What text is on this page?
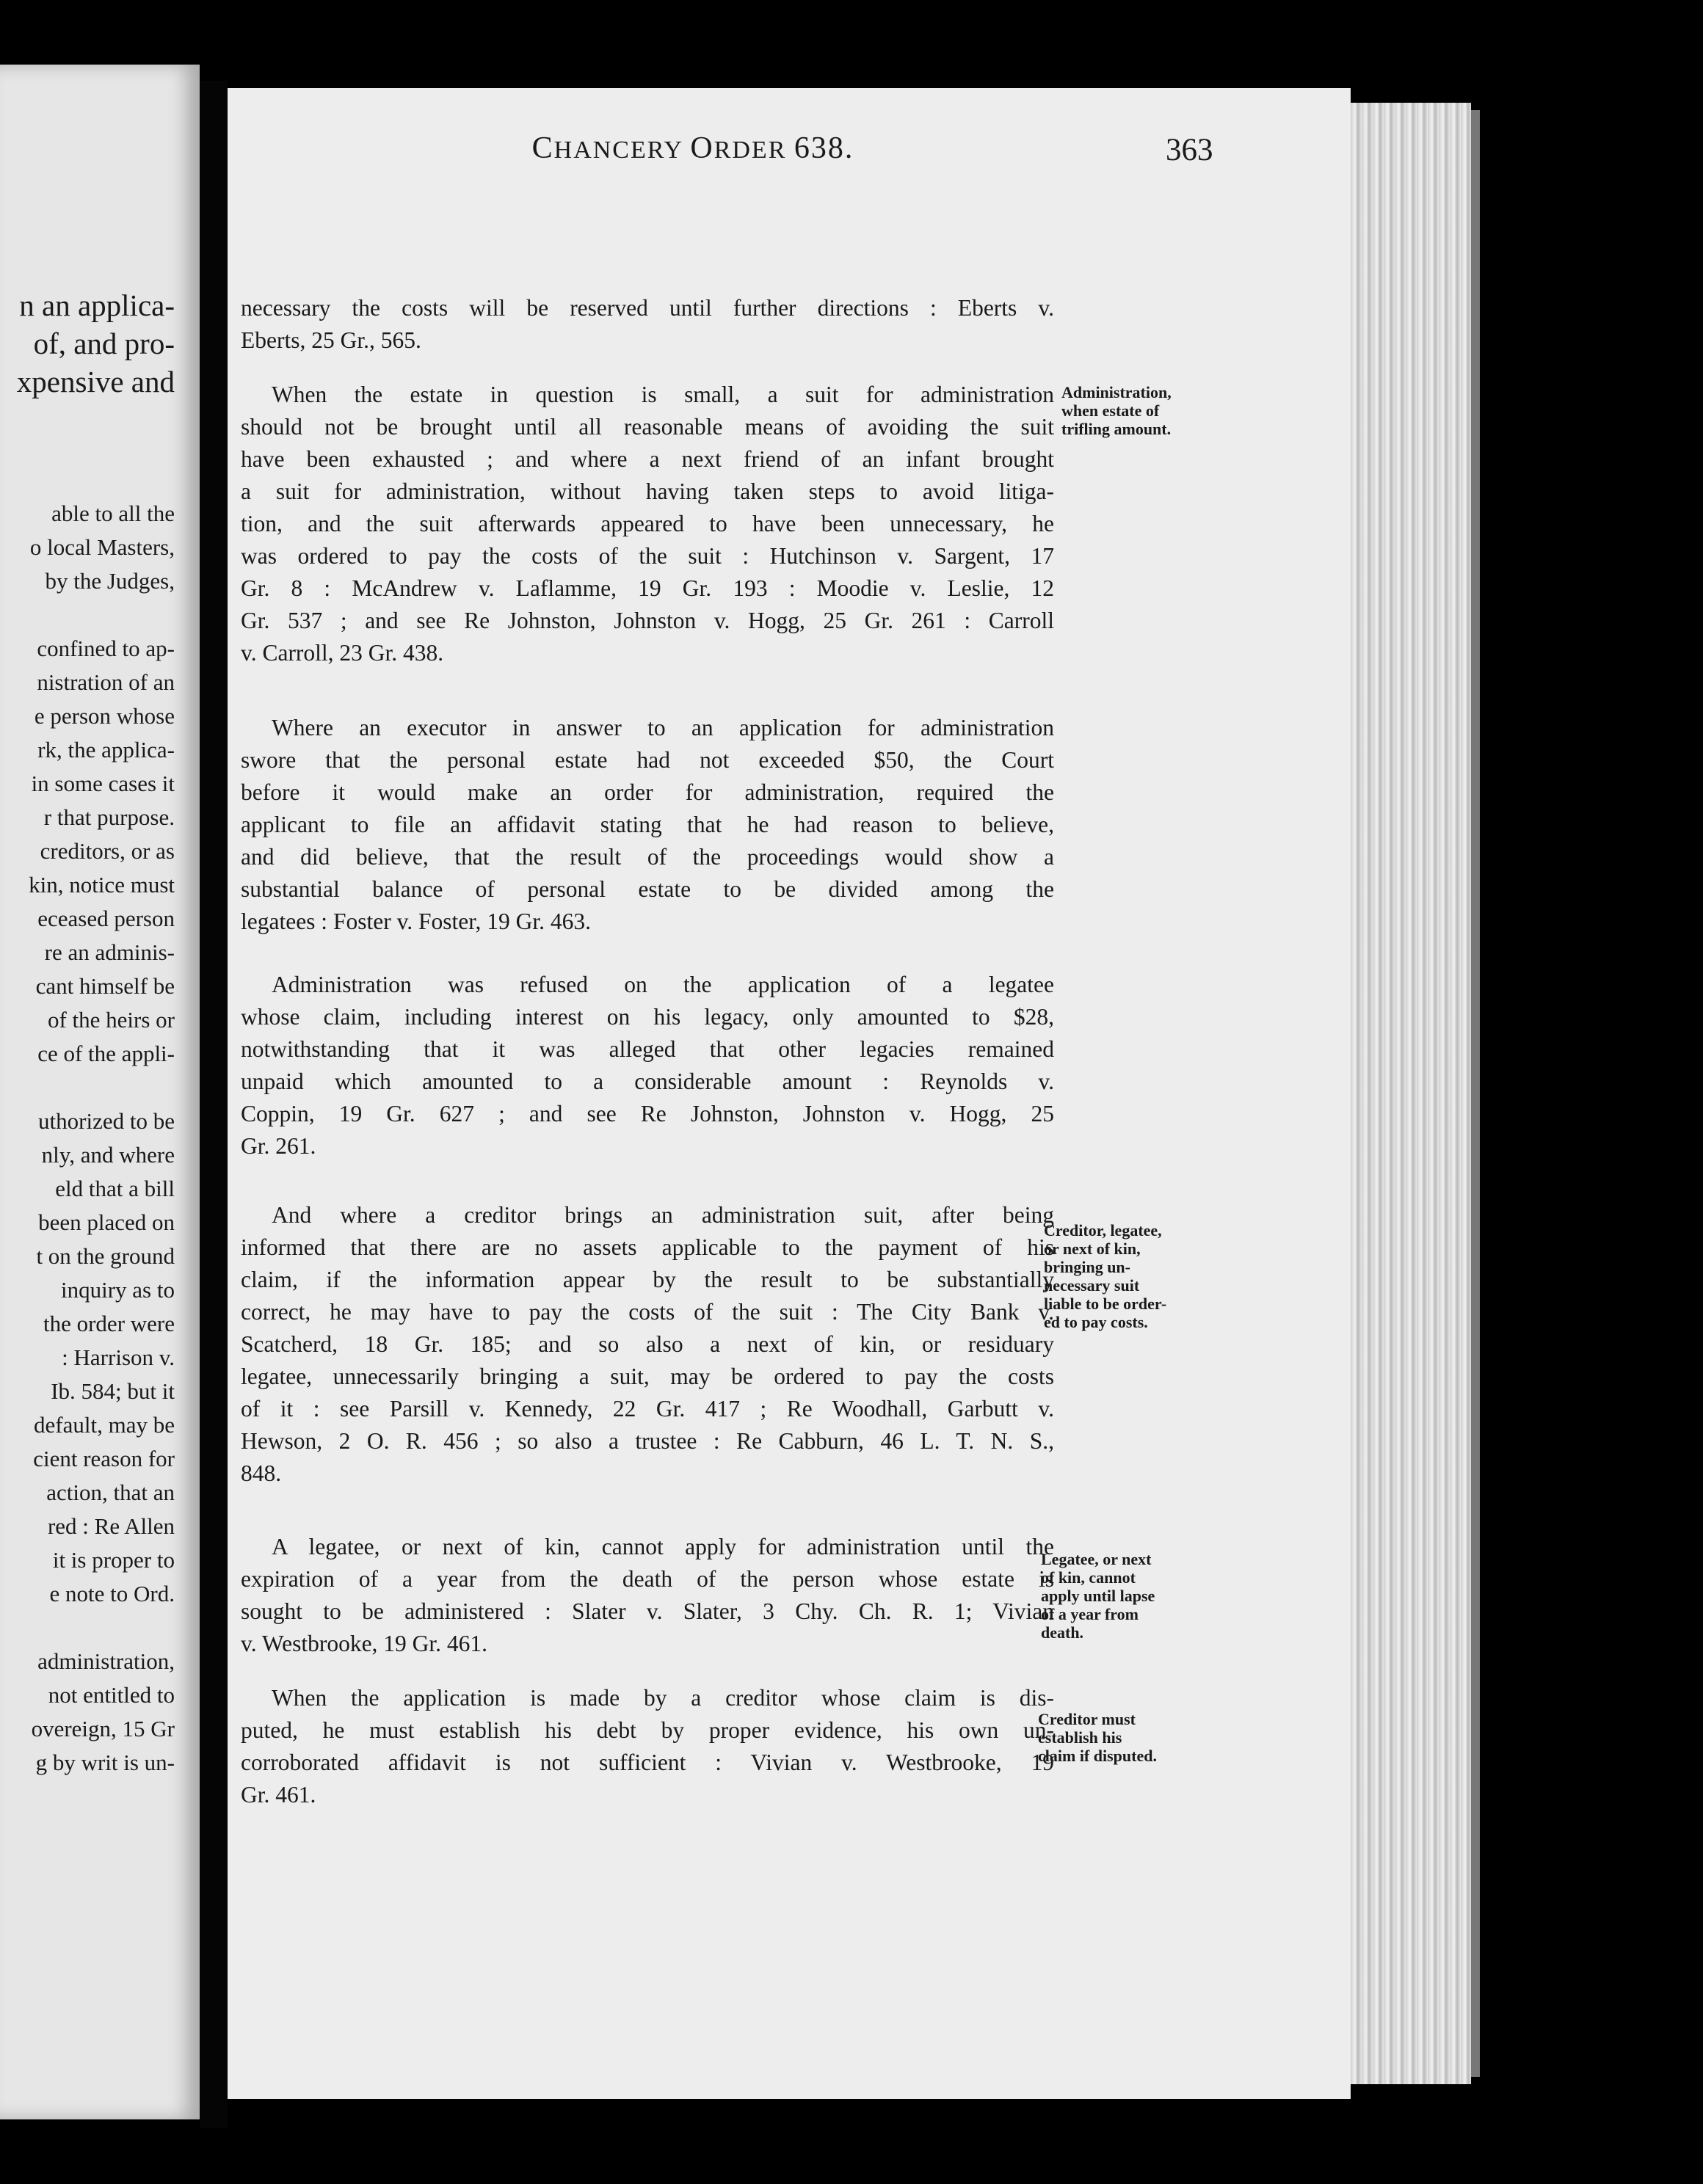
n an applica-
of, and pro-
xpensive and
able to all the
o local Masters,
by the Judges,
confined to ap-
nistration of an
e person whose
rk, the applica-
in some cases it
r that purpose.
creditors, or as
kin, notice must
eceased person
re an adminis-
cant himself be
of the heirs or
ce of the appli-
uthorized to be
nly, and where
eld that a bill
been placed on
t on the ground
inquiry as to
the order were
: Harrison v.
Ib. 584; but it
default, may be
cient reason for
action, that an
red : Re Allen
it is proper to
e note to Ord.
administration,
not entitled to
overeign, 15 Gr
g by writ is un-
CHANCERY ORDER 638.	363
necessary the costs will be reserved until further directions : Eberts v.
Eberts, 25 Gr., 565.
When the estate in question is small, a suit for administration
should not be brought until all reasonable means of avoiding the suit
have been exhausted ; and where a next friend of an infant brought
a suit for administration, without having taken steps to avoid litiga-
tion, and the suit afterwards appeared to have been unnecessary, he
was ordered to pay the costs of the suit : Hutchinson v. Sargent, 17
Gr. 8 : McAndrew v. Laflamme, 19 Gr. 193 : Moodie v. Leslie, 12
Gr. 537 ; and see Re Johnston, Johnston v. Hogg, 25 Gr. 261 : Carroll
v. Carroll, 23 Gr. 438.
Where an executor in answer to an application for administration
swore that the personal estate had not exceeded $50, the Court
before it would make an order for administration, required the
applicant to file an affidavit stating that he had reason to believe,
and did believe, that the result of the proceedings would show a
substantial balance of personal estate to be divided among the
legatees : Foster v. Foster, 19 Gr. 463.
Administration was refused on the application of a legatee
whose claim, including interest on his legacy, only amounted to $28,
notwithstanding that it was alleged that other legacies remained
unpaid which amounted to a considerable amount : Reynolds v.
Coppin, 19 Gr. 627 ; and see Re Johnston, Johnston v. Hogg, 25
Gr. 261.
And where a creditor brings an administration suit, after being
informed that there are no assets applicable to the payment of his
claim, if the information appear by the result to be substantially
correct, he may have to pay the costs of the suit : The City Bank v.
Scatcherd, 18 Gr. 185; and so also a next of kin, or residuary
legatee, unnecessarily bringing a suit, may be ordered to pay the costs
of it : see Parsill v. Kennedy, 22 Gr. 417 ; Re Woodhall, Garbutt v.
Hewson, 2 O. R. 456 ; so also a trustee : Re Cabburn, 46 L. T. N. S.,
848.
A legatee, or next of kin, cannot apply for administration until the
expiration of a year from the death of the person whose estate is
sought to be administered : Slater v. Slater, 3 Chy. Ch. R. 1; Vivian
v. Westbrooke, 19 Gr. 461.
When the application is made by a creditor whose claim is dis-
puted, he must establish his debt by proper evidence, his own un-
corroborated affidavit is not sufficient : Vivian v. Westbrooke, 19
Gr. 461.
Administration,
when estate of
trifling amount.
Creditor, legatee,
or next of kin,
bringing un-
necessary suit
liable to be order-
ed to pay costs.
Legatee, or next
of kin, cannot
apply until lapse
of a year from
death.
Creditor must
establish his
claim if disputed.
